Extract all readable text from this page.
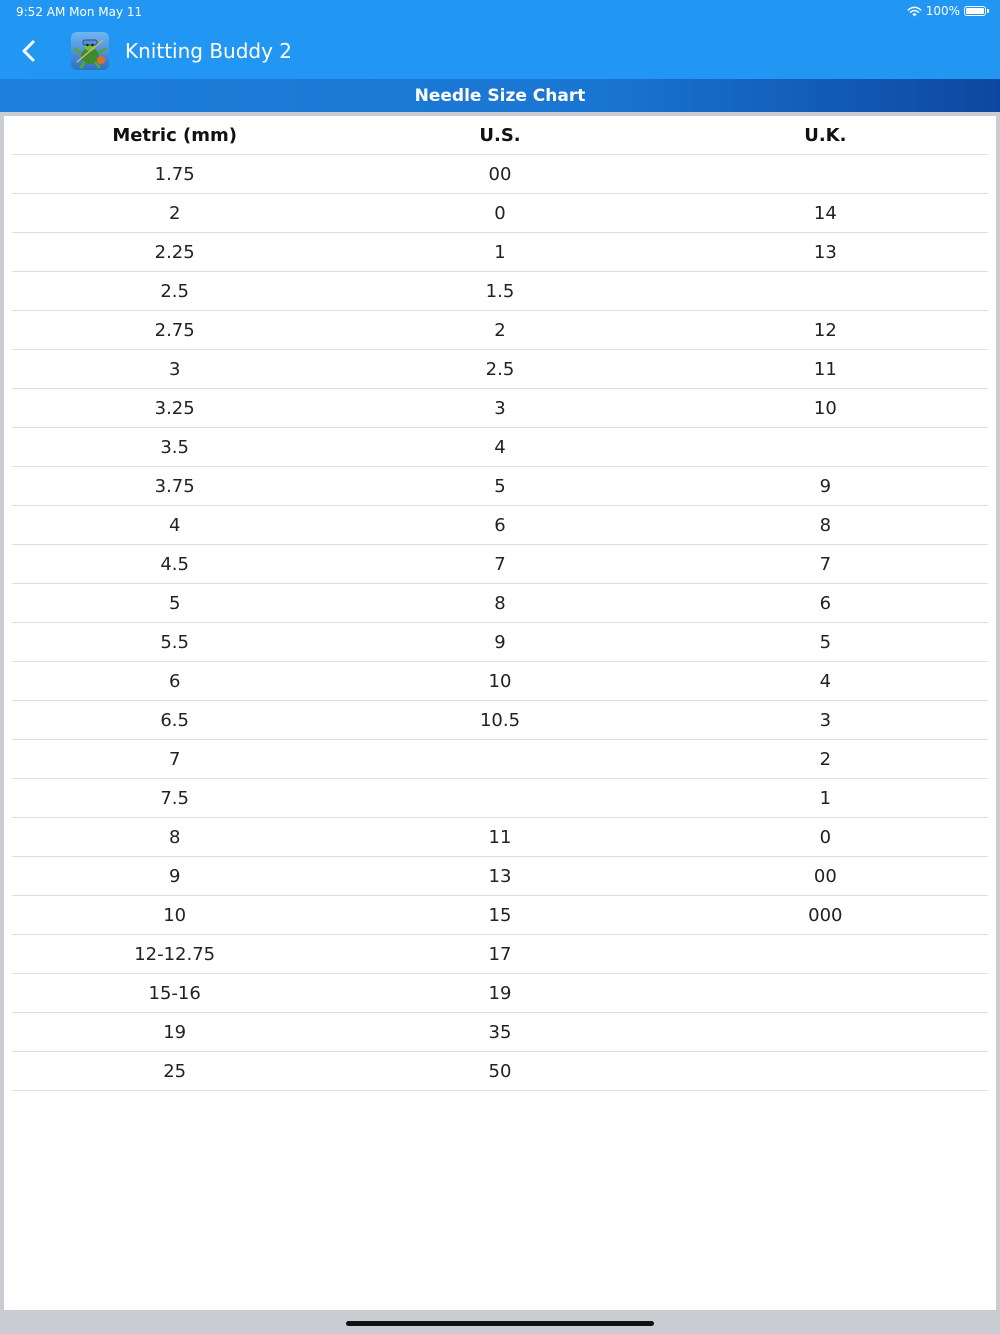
9:52 AM Mon May 11	100%
Knitting Buddy 2
Needle Size Chart
Metric (mm)	U.S.	U.K.
1.75	00	
2	0	14
2.25	1	13
2.5	1.5	
2.75	2	12
3	2.5	11
3.25	3	10
3.5	4	
3.75	5	9
4	6	8
4.5	7	7
5	8	6
5.5	9	5
6	10	4
6.5	10.5	3
7		2
7.5		1
8	11	0
9	13	00
10	15	000
12-12.75	17	
15-16	19	
19	35	
25	50	
